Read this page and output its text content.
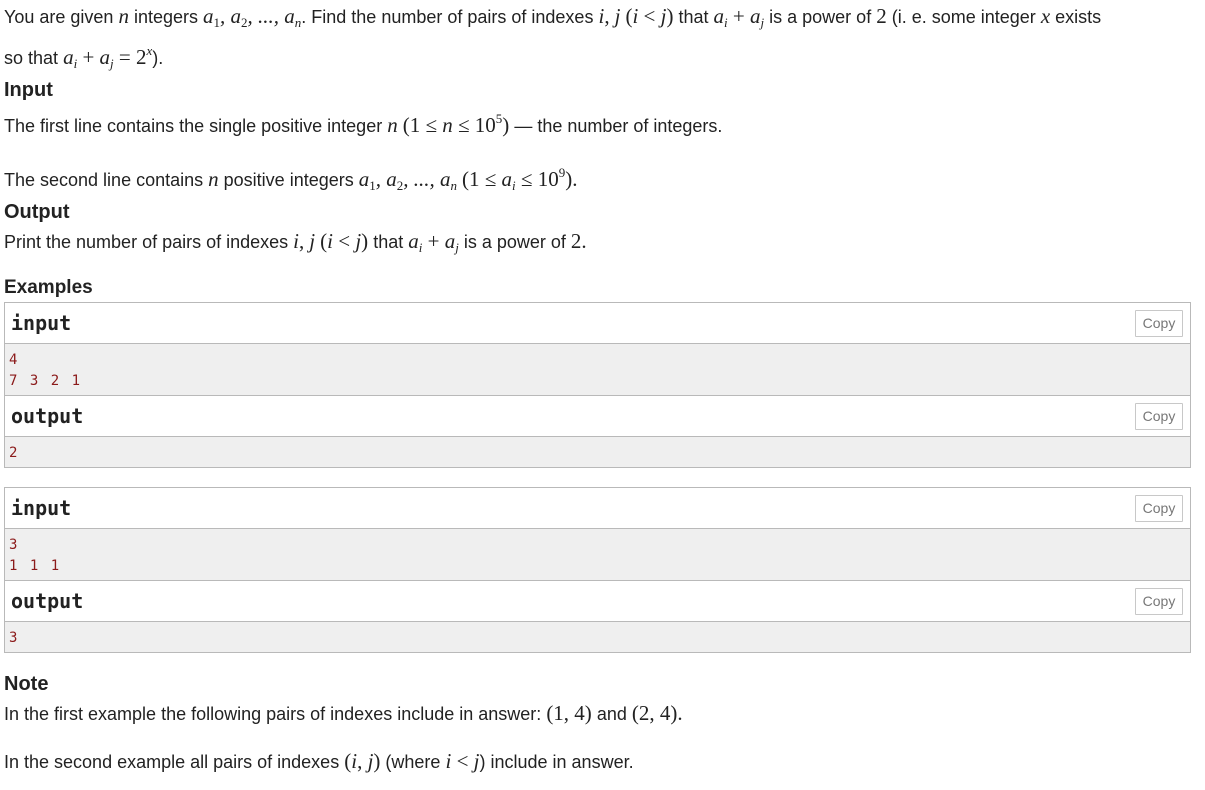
You are given n integers $a_1$, $a_2$, ..., $a_n$. Find the number of pairs of indexes i, j (i < j) that $a_i + a_j$ is a power of 2 (i. e. some integer x exists

so that $a_i + a_j = 2^x$).

Input

The first line contains the single positive integer n $(1 \le n \le 10^5)$ — the number of integers.

The second line contains n positive integers $a_1$, $a_2$, ..., $a_n$ $(1 \le a_i \le 10^9)$.

Output

Print the number of pairs of indexes i, j (i < j) that $a_i + a_j$ is a power of 2.

Examples

input	Copy
4
7 3 2 1
output	Copy
2
input	Copy
3
1 1 1
output	Copy
3

Note

In the first example the following pairs of indexes include in answer: (1, 4) and (2, 4).

In the second example all pairs of indexes (i, j) (where i < j) include in answer.
